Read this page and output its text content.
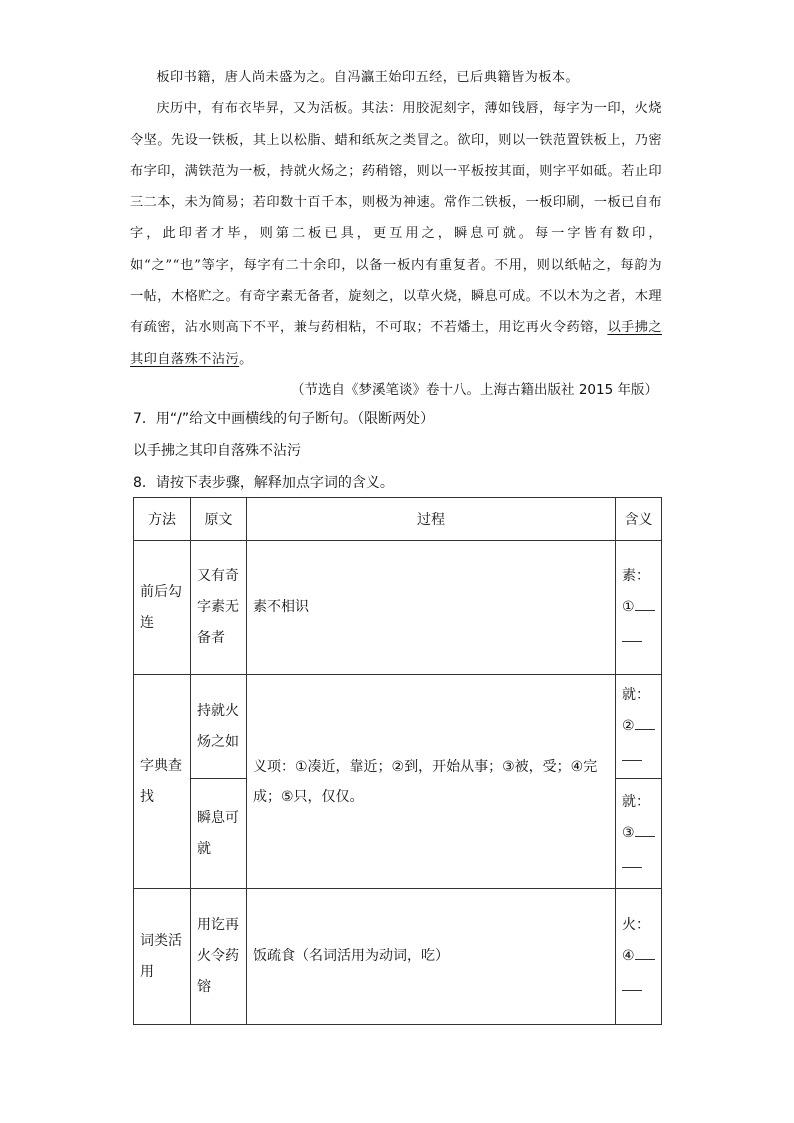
板印书籍，唐人尚未盛为之。自冯瀛王始印五经，已后典籍皆为板本。

庆历中，有布衣毕昇，又为活板。其法：用胶泥刻字，薄如钱唇，每字为一印，火烧令坚。先设一铁板，其上以松脂、蜡和纸灰之类冒之。欲印，则以一铁范置铁板上，乃密布字印，满铁范为一板，持就火炀之；药稍镕，则以一平板按其面，则字平如砥。若止印三二本，未为简易；若印数十百千本，则极为神速。常作二铁板，一板印刷，一板已自布字，此印者才毕，则第二板已具，更互用之，瞬息可就。每一字皆有数印，如“之”“也”等字，每字有二十余印，以备一板内有重复者。不用，则以纸帖之，每韵为一帖，木格贮之。有奇字素无备者，旋刻之，以草火烧，瞬息可成。不以木为之者，木理有疏密，沾水则高下不平，兼与药相粘，不可取；不若燔土，用讫再火令药镕，以手拂之其印自落殊不沾污。

（节选自《梦溪笔谈》卷十八。上海古籍出版社 2015 年版）
7．用“/”给文中画横线的句子断句。（限断两处）
以手拂之其印自落殊不沾污
8．请按下表步骤，解释加点字词的含义。
方法	原文	过程	含义
前后勾连	又有奇字素无备者	素不相识	素：
①

字典查找	持就火炀之如	义项：①凑近，靠近；②到，开始从事；③被，受；④完成；⑤只，仅仅。	就：
②

	瞬息可就		就：
③

词类活用	用讫再火令药镕	饭疏食（名词活用为动词，吃）	火：
④
